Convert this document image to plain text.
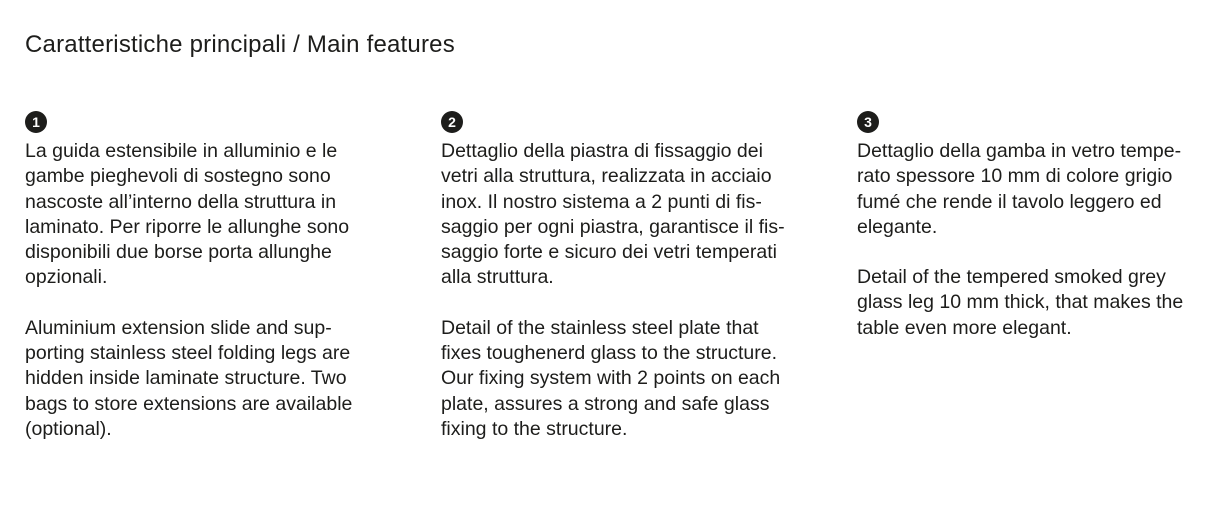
Caratteristiche principali / Main features
1

La guida estensibile in alluminio e le
gambe pieghevoli di sostegno sono
nascoste all’interno della struttura in
laminato. Per riporre le allunghe sono
disponibili due borse porta allunghe
opzionali.

Aluminium extension slide and sup-
porting stainless steel folding legs are
hidden inside laminate structure. Two
bags to store extensions are available
(optional).

2

Dettaglio della piastra di fissaggio dei
vetri alla struttura, realizzata in acciaio
inox. Il nostro sistema a 2 punti di fis-
saggio per ogni piastra, garantisce il fis-
saggio forte e sicuro dei vetri temperati
alla struttura.

Detail of the stainless steel plate that
fixes toughenerd glass to the structure.
Our fixing system with 2 points on each
plate, assures a strong and safe glass
fixing to the structure.

3

Dettaglio della gamba in vetro tempe-
rato spessore 10 mm di colore grigio
fumé che rende il tavolo leggero ed
elegante.

Detail of the tempered smoked grey
glass leg 10 mm thick, that makes the
table even more elegant.
